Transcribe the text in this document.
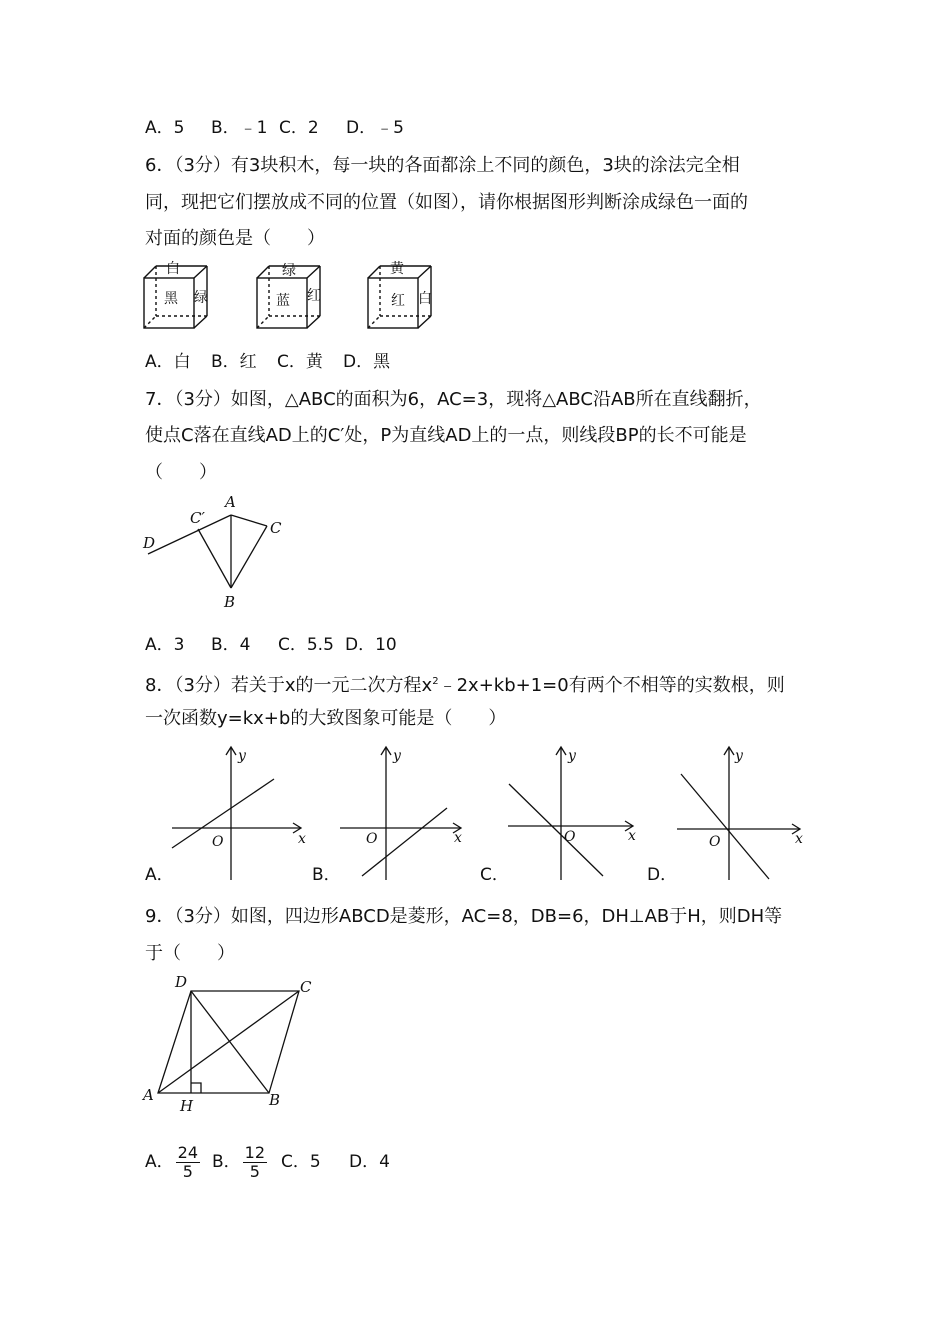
A．5 B．﹣1 C．2 D．﹣5
6．（3分）有3块积木，每一块的各面都涂上不同的颜色，3块的涂法完全相
同，现把它们摆放成不同的位置（如图），请你根据图形判断涂成绿色一面的
对面的颜色是（　　）
白
黑 绿
绿
蓝 红
黄
红 白
A．白 B．红 C．黄 D．黑
7．（3分）如图，△ABC的面积为6，AC=3，现将△ABC沿AB所在直线翻折，
使点C落在直线AD上的C′处，P为直线AD上的一点，则线段BP的长不可能是
（　　）
A
C
C′
D
B
A．3 B．4 C．5.5 D．10
8．（3分）若关于x的一元二次方程$x^2﹣2x+kb+1=0$有两个不相等的实数根，则
一次函数y=kx+b的大致图象可能是（　　）
A．	B．	C．	D．
y
x
O
y
x
O
y
x
O
y
x
O
9．（3分）如图，四边形ABCD是菱形，AC=8，DB=6，DH⊥AB于H，则DH等
于（　　）
D	C
A
H	B
A． $\frac{24}{5}$ B． $\frac{12}{5}$ C．5 D．4
